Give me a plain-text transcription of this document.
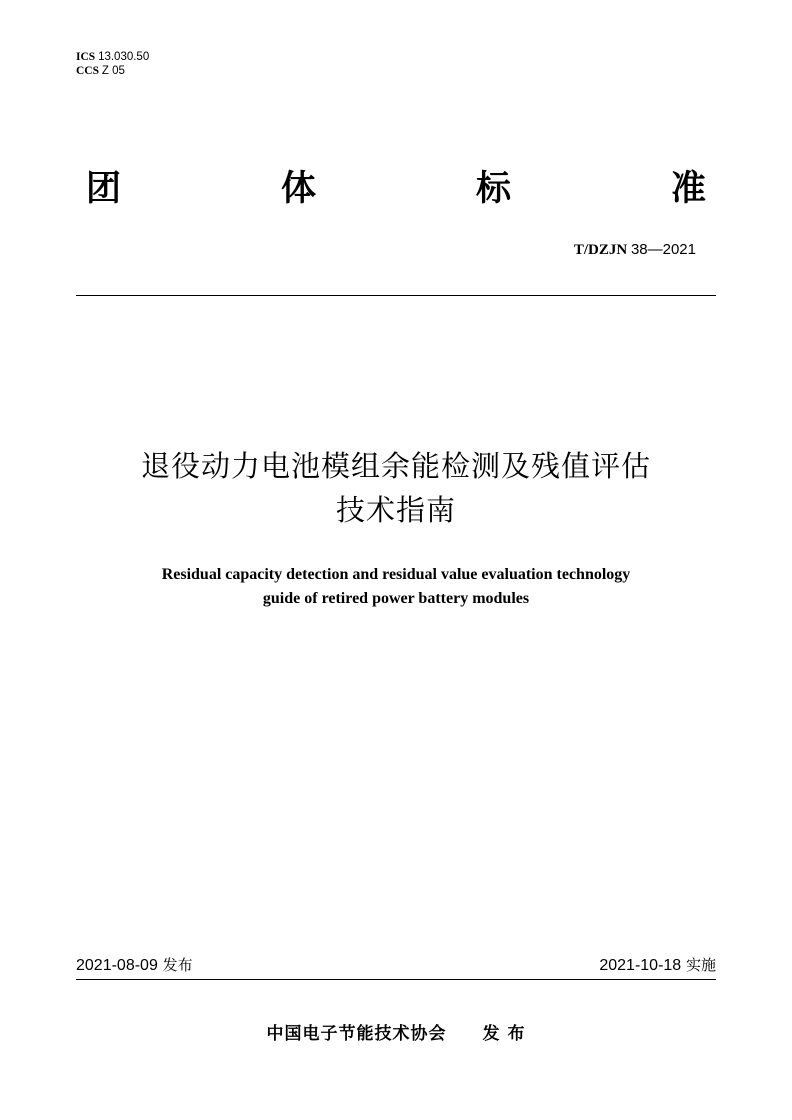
ICS 13.030.50
CCS Z 05
团	体	标	准
T/DZJN 38—2021
退役动力电池模组余能检测及残值评估
技术指南
Residual capacity detection and residual value evaluation technology
guide of retired power battery modules
2021-08-09 发布	2021-10-18 实施
中国电子节能技术协会 发 布
